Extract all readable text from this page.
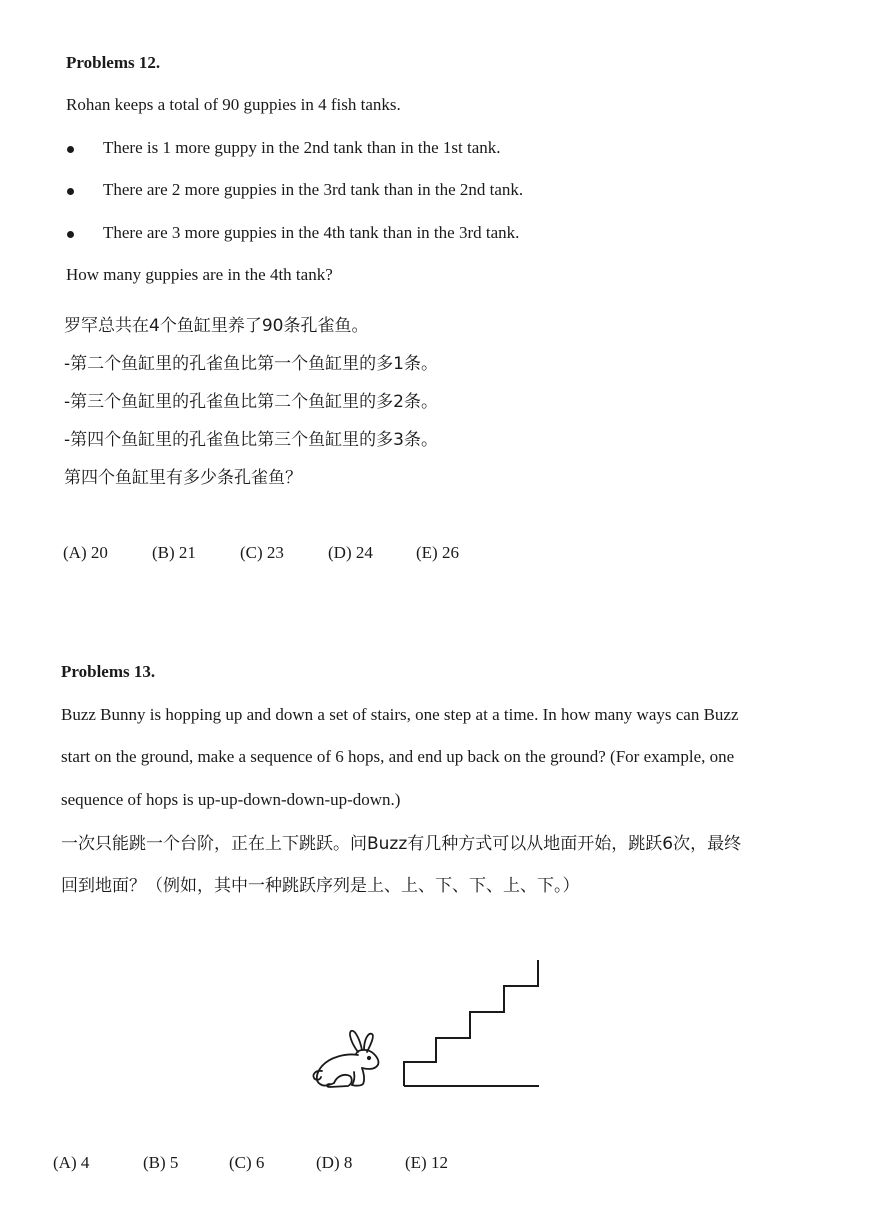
Problems 12.
Rohan keeps a total of 90 guppies in 4 fish tanks.
There is 1 more guppy in the 2nd tank than in the 1st tank.
There are 2 more guppies in the 3rd tank than in the 2nd tank.
There are 3 more guppies in the 4th tank than in the 3rd tank.
How many guppies are in the 4th tank?
罗罕总共在4个鱼缸里养了90条孔雀鱼。
-第二个鱼缸里的孔雀鱼比第一个鱼缸里的多1条。
-第三个鱼缸里的孔雀鱼比第二个鱼缸里的多2条。
-第四个鱼缸里的孔雀鱼比第三个鱼缸里的多3条。
第四个鱼缸里有多少条孔雀鱼？
(A) 20	(B) 21	(C) 23	(D) 24	(E) 26
Problems 13.
Buzz Bunny is hopping up and down a set of stairs, one step at a time. In how many ways can Buzz
start on the ground, make a sequence of 6 hops, and end up back on the ground? (For example, one
sequence of hops is up-up-down-down-up-down.)
一次只能跳一个台阶，正在上下跳跃。问Buzz有几种方式可以从地面开始，跳跃6次，最终
回到地面？（例如，其中一种跳跃序列是上、上、下、下、上、下。）
(A) 4	(B) 5	(C) 6	(D) 8	(E) 12
